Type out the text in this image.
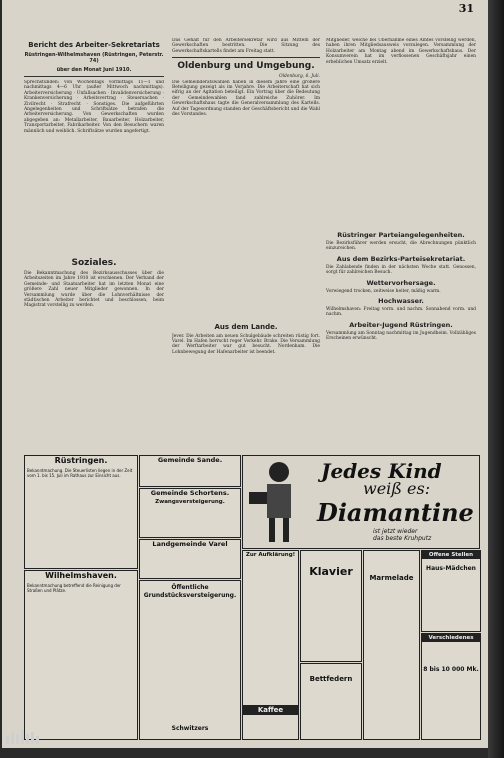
31
Bericht des Arbeiter-Sekretariats
Rüstringen-Wilhelmshaven (Rüstringen, Peterstr. 74)
über den Monat Juni 1910.

Sprechstunden: von Wochentags vormittags 11—1 und nachmittags 4—6 Uhr (außer Mittwoch nachmittags). Arbeiterversicherung · Unfallsachen · Invalidenversicherung · Krankenversicherung · Arbeitsvertrag · Steuersachen · Zivilrecht · Strafrecht · Sonstiges. Die aufgeführten Angelegenheiten und Schriftsätze betrafen die Arbeiterversicherung. Von Gewerkschaften wurden abgegeben an: Metallarbeiter, Bauarbeiter, Holzarbeiter, Transportarbeiter, Fabrikarbeiter. Von den Besuchern waren männlich und weiblich. Schriftsätze wurden angefertigt.

Soziales.

Die Bekanntmachung des Bezirksausschusses über die Arbeitszeiten im Jahre 1910 ist erschienen. Der Verband der Gemeinde- und Staatsarbeiter hat im letzten Monat eine größere Zahl neuer Mitglieder gewonnen. In der Versammlung wurde über die Lohnverhältnisse der städtischen Arbeiter berichtet und beschlossen, beim Magistrat vorstellig zu werden.

Das Gehalt für den Arbeitersekretär wird aus Mitteln der Gewerkschaften bestritten. Die Sitzung des Gewerkschaftskartells findet am Freitag statt.

Oldenburg und Umgebung.
Oldenburg, 6. Juli.

Die Gemeinderatswahlen haben in diesem Jahre eine größere Beteiligung gezeigt als im Vorjahre. Die Arbeiterschaft hat sich eifrig an der Agitation beteiligt. Ein Vortrag über die Bedeutung der Gemeindewahlen fand zahlreiche Zuhörer. Im Gewerkschaftshaus tagte die Generalversammlung des Kartells. Auf der Tagesordnung standen der Geschäftsbericht und die Wahl des Vorstandes.

Aus dem Lande.

Jever. Die Arbeiten am neuen Schulgebäude schreiten rüstig fort. Varel. Im Hafen herrscht reger Verkehr. Brake. Die Versammlung der Werftarbeiter war gut besucht. Nordenham. Die Lohnbewegung der Hafenarbeiter ist beendet.

Mitglieder, welche bei Übernahme eines Amtes vorstellig werden, haben ihren Mitgliedsausweis vorzulegen. Versammlung der Holzarbeiter am Montag abend im Gewerkschaftshaus. Der Konsumverein hat im verflossenen Geschäftsjahr einen erheblichen Umsatz erzielt.

Rüstringer Parteiangelegenheiten.

Die Bezirksführer werden ersucht, die Abrechnungen pünktlich einzureichen.

Aus dem Bezirks-Parteisekretariat.

Die Zahlabende finden in der nächsten Woche statt. Genossen, sorgt für zahlreichen Besuch.

Wettervorhersage.

Vorwiegend trocken, zeitweise heiter, mäßig warm.

Hochwasser.

Wilhelmshaven: Freitag vorm. und nachm. Sonnabend vorm. und nachm.

Arbeiter-Jugend Rüstringen.

Versammlung am Sonntag nachmittag im Jugendheim. Vollzähliges Erscheinen erwünscht.

Rüstringen.
Bekanntmachung. Die Steuerlisten liegen in der Zeit vom 1. bis 15. Juli im Rathaus zur Einsicht aus.
Wilhelmshaven.
Bekanntmachung betreffend die Reinigung der Straßen und Plätze.
Gemeinde Sande.
Gemeinde Schortens.
Zwangsversteigerung.
Landgemeinde Varel
Öffentliche Grundstücksversteigerung.
Schwitzers
Jedes Kind
weiß es:
Diamantine
ist jetzt wieder
das beste Kruhputz
Zur Aufklärung!
Kaffee
Klavier
Bettfedern
Marmelade
Offene Stellen
Haus-Mädchen
Verschiedenes
8 bis 10 000 Mk.
